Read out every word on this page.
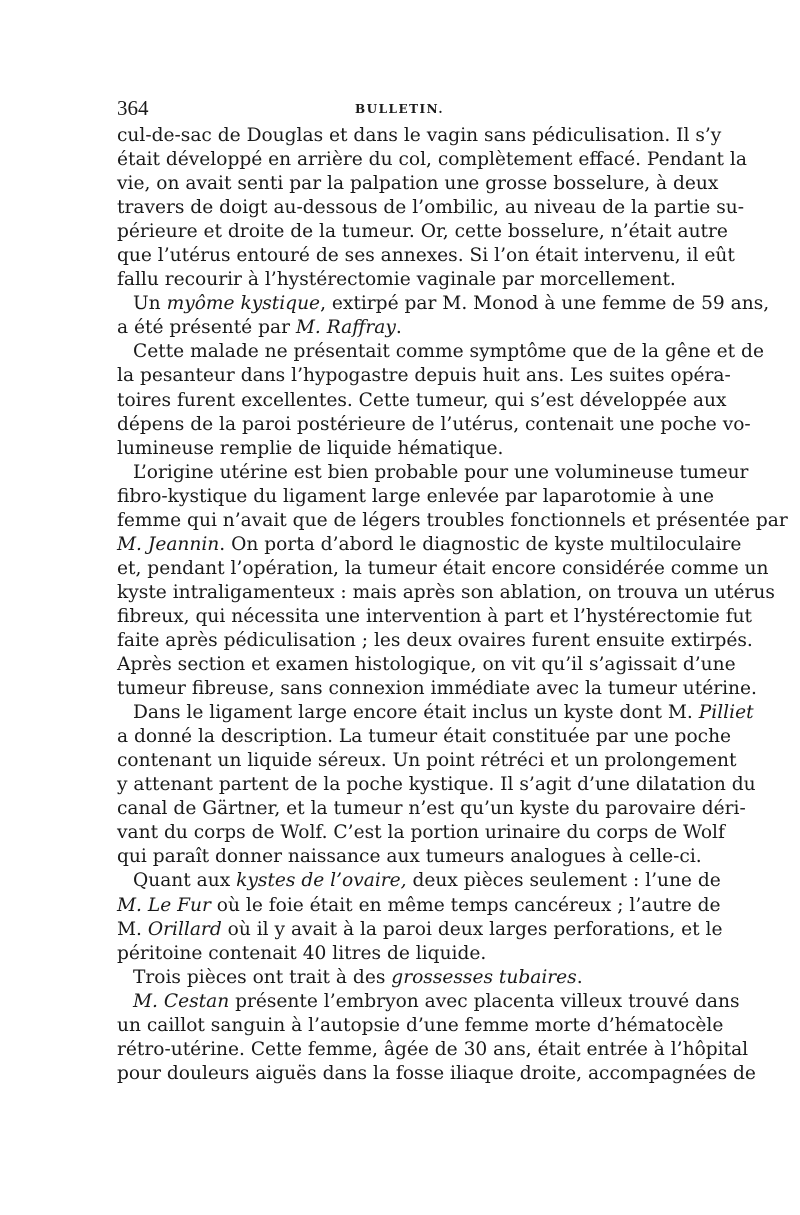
364	BULLETIN.
cul-de-sac de Douglas et dans le vagin sans pédiculisation. Il s’y
était développé en arrière du col, complètement effacé. Pendant la
vie, on avait senti par la palpation une grosse bosselure, à deux
travers de doigt au-dessous de l’ombilic, au niveau de la partie su-
périeure et droite de la tumeur. Or, cette bosselure, n’était autre
que l’utérus entouré de ses annexes. Si l’on était intervenu, il eût
fallu recourir à l’hystérectomie vaginale par morcellement.
Un myôme kystique, extirpé par M. Monod à une femme de 59 ans,
a été présenté par M. Raffray.
Cette malade ne présentait comme symptôme que de la gêne et de
la pesanteur dans l’hypogastre depuis huit ans. Les suites opéra-
toires furent excellentes. Cette tumeur, qui s’est développée aux
dépens de la paroi postérieure de l’utérus, contenait une poche vo-
lumineuse remplie de liquide hématique.
L’origine utérine est bien probable pour une volumineuse tumeur
fibro-kystique du ligament large enlevée par laparotomie à une
femme qui n’avait que de légers troubles fonctionnels et présentée par
M. Jeannin. On porta d’abord le diagnostic de kyste multiloculaire
et, pendant l’opération, la tumeur était encore considérée comme un
kyste intraligamenteux : mais après son ablation, on trouva un utérus
fibreux, qui nécessita une intervention à part et l’hystérectomie fut
faite après pédiculisation ; les deux ovaires furent ensuite extirpés.
Après section et examen histologique, on vit qu’il s’agissait d’une
tumeur fibreuse, sans connexion immédiate avec la tumeur utérine.
Dans le ligament large encore était inclus un kyste dont M. Pilliet
a donné la description. La tumeur était constituée par une poche
contenant un liquide séreux. Un point rétréci et un prolongement
y attenant partent de la poche kystique. Il s’agit d’une dilatation du
canal de Gärtner, et la tumeur n’est qu’un kyste du parovaire déri-
vant du corps de Wolf. C’est la portion urinaire du corps de Wolf
qui paraît donner naissance aux tumeurs analogues à celle-ci.
Quant aux kystes de l’ovaire, deux pièces seulement : l’une de
M. Le Fur où le foie était en même temps cancéreux ; l’autre de
M. Orillard où il y avait à la paroi deux larges perforations, et le
péritoine contenait 40 litres de liquide.
Trois pièces ont trait à des grossesses tubaires.
M. Cestan présente l’embryon avec placenta villeux trouvé dans
un caillot sanguin à l’autopsie d’une femme morte d’hématocèle
rétro-utérine. Cette femme, âgée de 30 ans, était entrée à l’hôpital
pour douleurs aiguës dans la fosse iliaque droite, accompagnées de
